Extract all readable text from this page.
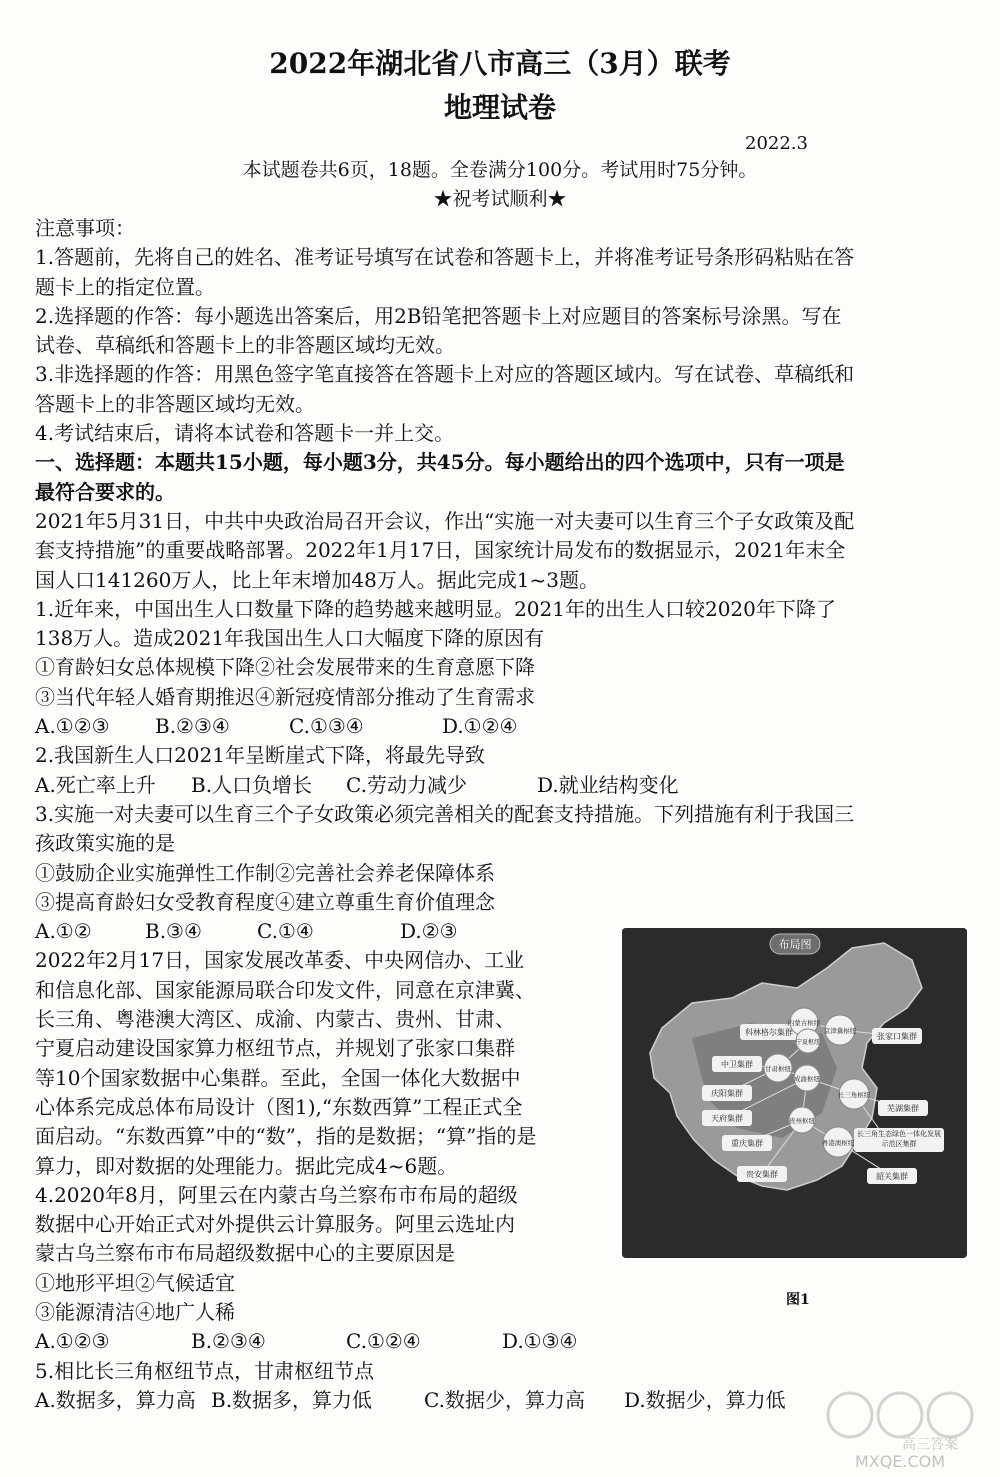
2022年湖北省八市高三（3月）联考
地理试卷
2022.3
本试题卷共6页，18题。全卷满分100分。考试用时75分钟。
★祝考试顺利★
注意事项：
1.答题前，先将自己的姓名、准考证号填写在试卷和答题卡上，并将准考证号条形码粘贴在答
题卡上的指定位置。
2.选择题的作答：每小题选出答案后，用2B铅笔把答题卡上对应题目的答案标号涂黑。写在
试卷、草稿纸和答题卡上的非答题区域均无效。
3.非选择题的作答：用黑色签字笔直接答在答题卡上对应的答题区域内。写在试卷、草稿纸和
答题卡上的非答题区域均无效。
4.考试结束后，请将本试卷和答题卡一并上交。
一、选择题：本题共15小题，每小题3分，共45分。每小题给出的四个选项中，只有一项是
最符合要求的。
2021年5月31日，中共中央政治局召开会议，作出“实施一对夫妻可以生育三个子女政策及配
套支持措施”的重要战略部署。2022年1月17日，国家统计局发布的数据显示，2021年末全
国人口141260万人，比上年末增加48万人。据此完成1~3题。
1.近年来，中国出生人口数量下降的趋势越来越明显。2021年的出生人口较2020年下降了
138万人。造成2021年我国出生人口大幅度下降的原因有
①育龄妇女总体规模下降②社会发展带来的生育意愿下降
③当代年轻人婚育期推迟④新冠疫情部分推动了生育需求
A.①②③ B.②③④	C.①③④	D.①②④
2.我国新生人口2021年呈断崖式下降，将最先导致
A.死亡率上升 B.人口负增长 C.劳动力减少	D.就业结构变化
3.实施一对夫妻可以生育三个子女政策必须完善相关的配套支持措施。下列措施有利于我国三
孩政策实施的是
①鼓励企业实施弹性工作制②完善社会养老保障体系
③提高育龄妇女受教育程度④建立尊重生育价值理念
A.①②	B.③④	C.①④	D.②③
2022年2月17日，国家发展改革委、中央网信办、工业
和信息化部、国家能源局联合印发文件，同意在京津冀、
长三角、粤港澳大湾区、成渝、内蒙古、贵州、甘肃、
宁夏启动建设国家算力枢纽节点，并规划了张家口集群
等10个国家数据中心集群。至此，全国一体化大数据中
心体系完成总体布局设计（图1),“东数西算”工程正式全
面启动。“东数西算”中的“数”，指的是数据；“算”指的是
算力，即对数据的处理能力。据此完成4~6题。
4.2020年8月，阿里云在内蒙古乌兰察布市布局的超级
数据中心开始正式对外提供云计算服务。阿里云选址内
蒙古乌兰察布市布局超级数据中心的主要原因是
①地形平坦②气候适宜
③能源清洁④地广人稀
A.①②③	B.②③④	C.①②④	D.①③④
5.相比长三角枢纽节点，甘肃枢纽节点
A.数据多，算力高 B.数据多，算力低	C.数据少，算力高 D.数据少，算力低
布局图
科林格尔集群
内蒙古枢纽
京津冀枢纽
张家口集群
中卫集群
宁夏枢纽
庆阳集群
甘肃枢纽
长三角枢纽
芜湖集群
天府集群
成渝枢纽
重庆集群
贵州枢纽
粤港澳枢纽
长三角生态绿色一体化发展示范区集群
贵安集群	韶关集群
图1
高三答案
MXQE.COM
